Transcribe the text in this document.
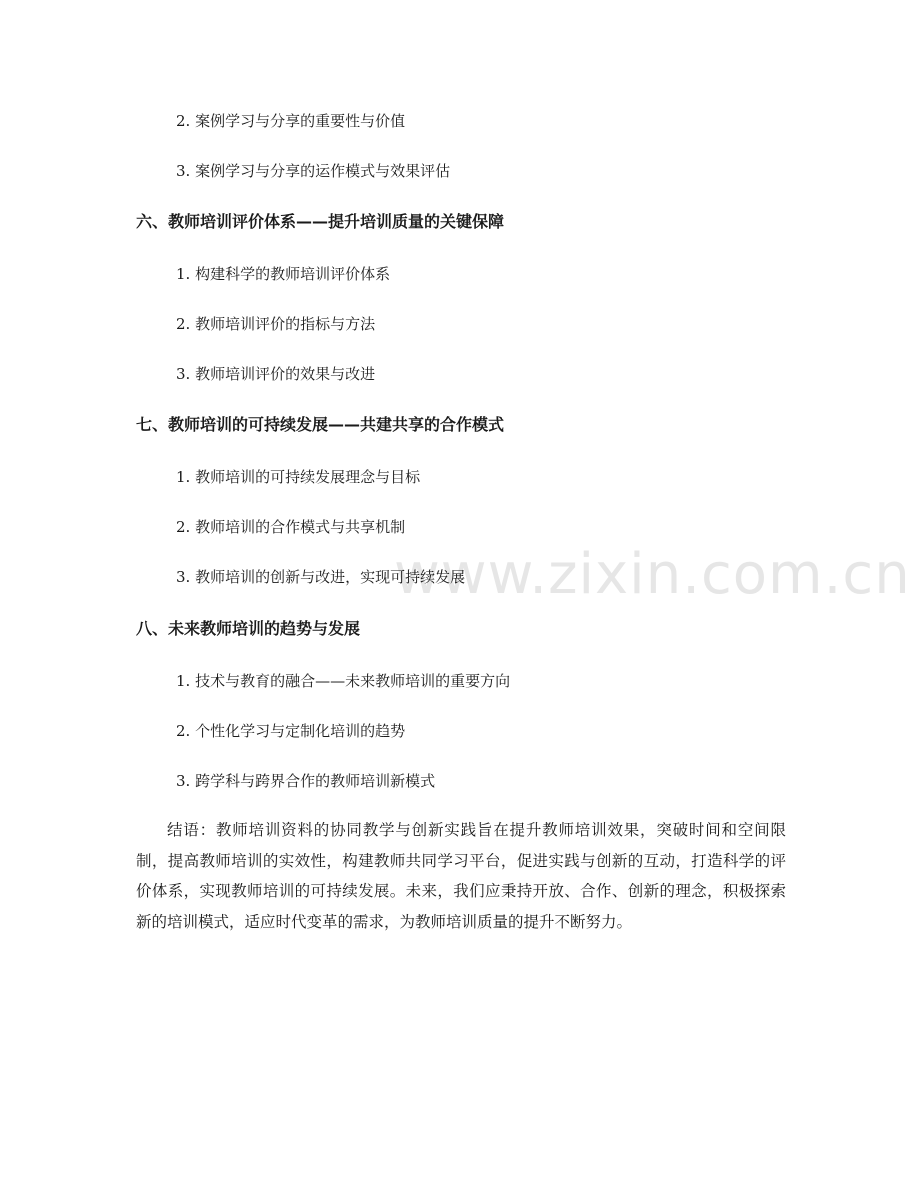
www.zixin.com.cn
2. 案例学习与分享的重要性与价值
3. 案例学习与分享的运作模式与效果评估
六、教师培训评价体系——提升培训质量的关键保障
1. 构建科学的教师培训评价体系
2. 教师培训评价的指标与方法
3. 教师培训评价的效果与改进
七、教师培训的可持续发展——共建共享的合作模式
1. 教师培训的可持续发展理念与目标
2. 教师培训的合作模式与共享机制
3. 教师培训的创新与改进，实现可持续发展
八、未来教师培训的趋势与发展
1. 技术与教育的融合——未来教师培训的重要方向
2. 个性化学习与定制化培训的趋势
3. 跨学科与跨界合作的教师培训新模式
结语：教师培训资料的协同教学与创新实践旨在提升教师培训效果，突破时间和空间限制，提高教师培训的实效性，构建教师共同学习平台，促进实践与创新的互动，打造科学的评价体系，实现教师培训的可持续发展。未来，我们应秉持开放、合作、创新的理念，积极探索新的培训模式，适应时代变革的需求，为教师培训质量的提升不断努力。
